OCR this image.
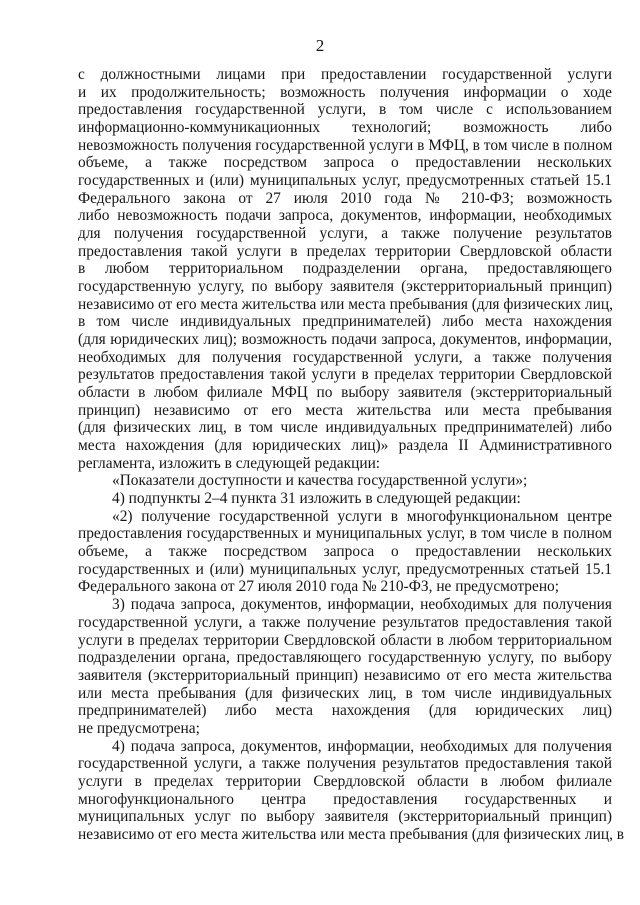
2
с должностными лицами при предоставлении государственной услуги
и их продолжительность; возможность получения информации о ходе
предоставления государственной услуги, в том числе с использованием
информационно-коммуникационных технологий; возможность либо
невозможность получения государственной услуги в МФЦ, в том числе в полном
объеме, а также посредством запроса о предоставлении нескольких
государственных и (или) муниципальных услуг, предусмотренных статьей 15.1
Федерального закона от 27 июля 2010 года № 210-ФЗ; возможность
либо невозможность подачи запроса, документов, информации, необходимых
для получения государственной услуги, а также получение результатов
предоставления такой услуги в пределах территории Свердловской области
в любом территориальном подразделении органа, предоставляющего
государственную услугу, по выбору заявителя (экстерриториальный принцип)
независимо от его места жительства или места пребывания (для физических лиц,
в том числе индивидуальных предпринимателей) либо места нахождения
(для юридических лиц); возможность подачи запроса, документов, информации,
необходимых для получения государственной услуги, а также получения
результатов предоставления такой услуги в пределах территории Свердловской
области в любом филиале МФЦ по выбору заявителя (экстерриториальный
принцип) независимо от его места жительства или места пребывания
(для физических лиц, в том числе индивидуальных предпринимателей) либо
места нахождения (для юридических лиц)» раздела II Административного
регламента, изложить в следующей редакции:
«Показатели доступности и качества государственной услуги»;
4) подпункты 2–4 пункта 31 изложить в следующей редакции:
«2) получение государственной услуги в многофункциональном центре
предоставления государственных и муниципальных услуг, в том числе в полном
объеме, а также посредством запроса о предоставлении нескольких
государственных и (или) муниципальных услуг, предусмотренных статьей 15.1
Федерального закона от 27 июля 2010 года № 210-ФЗ, не предусмотрено;
3) подача запроса, документов, информации, необходимых для получения
государственной услуги, а также получение результатов предоставления такой
услуги в пределах территории Свердловской области в любом территориальном
подразделении органа, предоставляющего государственную услугу, по выбору
заявителя (экстерриториальный принцип) независимо от его места жительства
или места пребывания (для физических лиц, в том числе индивидуальных
предпринимателей) либо места нахождения (для юридических лиц)
не предусмотрена;
4) подача запроса, документов, информации, необходимых для получения
государственной услуги, а также получения результатов предоставления такой
услуги в пределах территории Свердловской области в любом филиале
многофункционального центра предоставления государственных и
муниципальных услуг по выбору заявителя (экстерриториальный принцип)
независимо от его места жительства или места пребывания (для физических лиц, в
